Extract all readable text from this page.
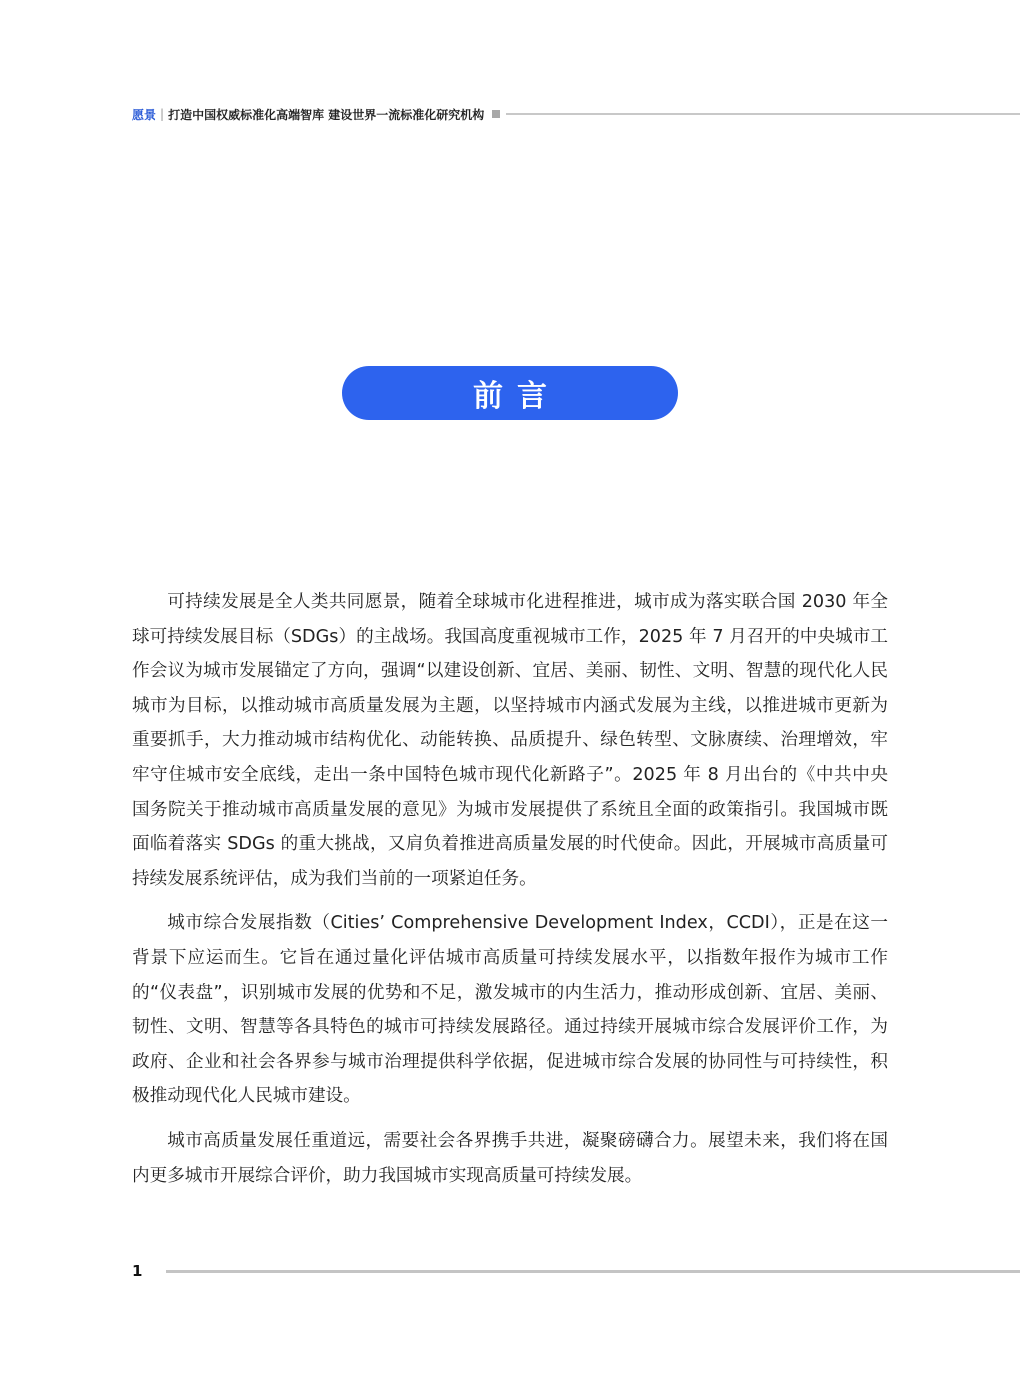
愿景 | 打造中国权威标准化高端智库 建设世界一流标准化研究机构
前言

可持续发展是全人类共同愿景，随着全球城市化进程推进，城市成为落实联合国 2030 年全球可持续发展目标（SDGs）的主战场。我国高度重视城市工作，2025 年 7 月召开的中央城市工作会议为城市发展锚定了方向，强调“以建设创新、宜居、美丽、韧性、文明、智慧的现代化人民城市为目标，以推动城市高质量发展为主题，以坚持城市内涵式发展为主线，以推进城市更新为重要抓手，大力推动城市结构优化、动能转换、品质提升、绿色转型、文脉赓续、治理增效，牢牢守住城市安全底线，走出一条中国特色城市现代化新路子”。2025 年 8 月出台的《中共中央 国务院关于推动城市高质量发展的意见》为城市发展提供了系统且全面的政策指引。我国城市既面临着落实 SDGs 的重大挑战，又肩负着推进高质量发展的时代使命。因此，开展城市高质量可持续发展系统评估，成为我们当前的一项紧迫任务。

城市综合发展指数（Cities’ Comprehensive Development Index，CCDI），正是在这一背景下应运而生。它旨在通过量化评估城市高质量可持续发展水平，以指数年报作为城市工作的“仪表盘”，识别城市发展的优势和不足，激发城市的内生活力，推动形成创新、宜居、美丽、韧性、文明、智慧等各具特色的城市可持续发展路径。通过持续开展城市综合发展评价工作，为政府、企业和社会各界参与城市治理提供科学依据，促进城市综合发展的协同性与可持续性，积极推动现代化人民城市建设。

城市高质量发展任重道远，需要社会各界携手共进，凝聚磅礴合力。展望未来，我们将在国内更多城市开展综合评价，助力我国城市实现高质量可持续发展。

1
